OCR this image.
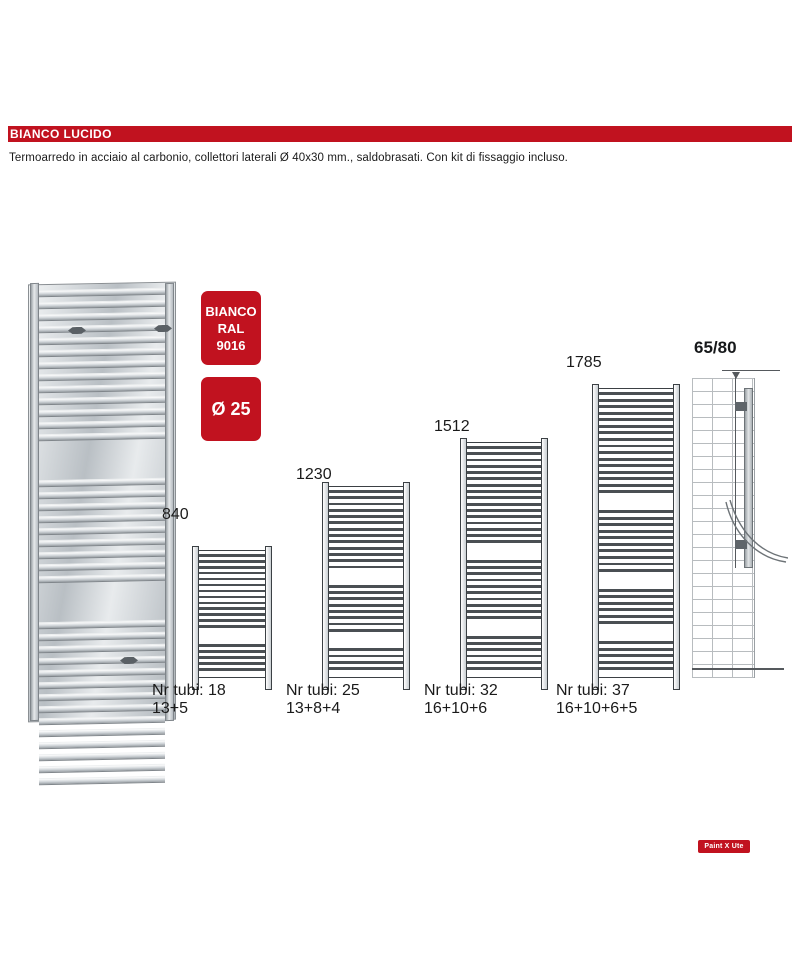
BIANCO LUCIDO
Termoarredo in acciaio al carbonio, collettori laterali Ø 40x30 mm., saldobrasati. Con kit di fissaggio incluso.
BIANCO
RAL
9016
Ø 25
840
Nr tubi: 18
13+5
1230
Nr tubi: 25
13+8+4
1512
Nr tubi: 32
16+10+6
1785
Nr tubi: 37
16+10+6+5
65/80
Paint X Ute
